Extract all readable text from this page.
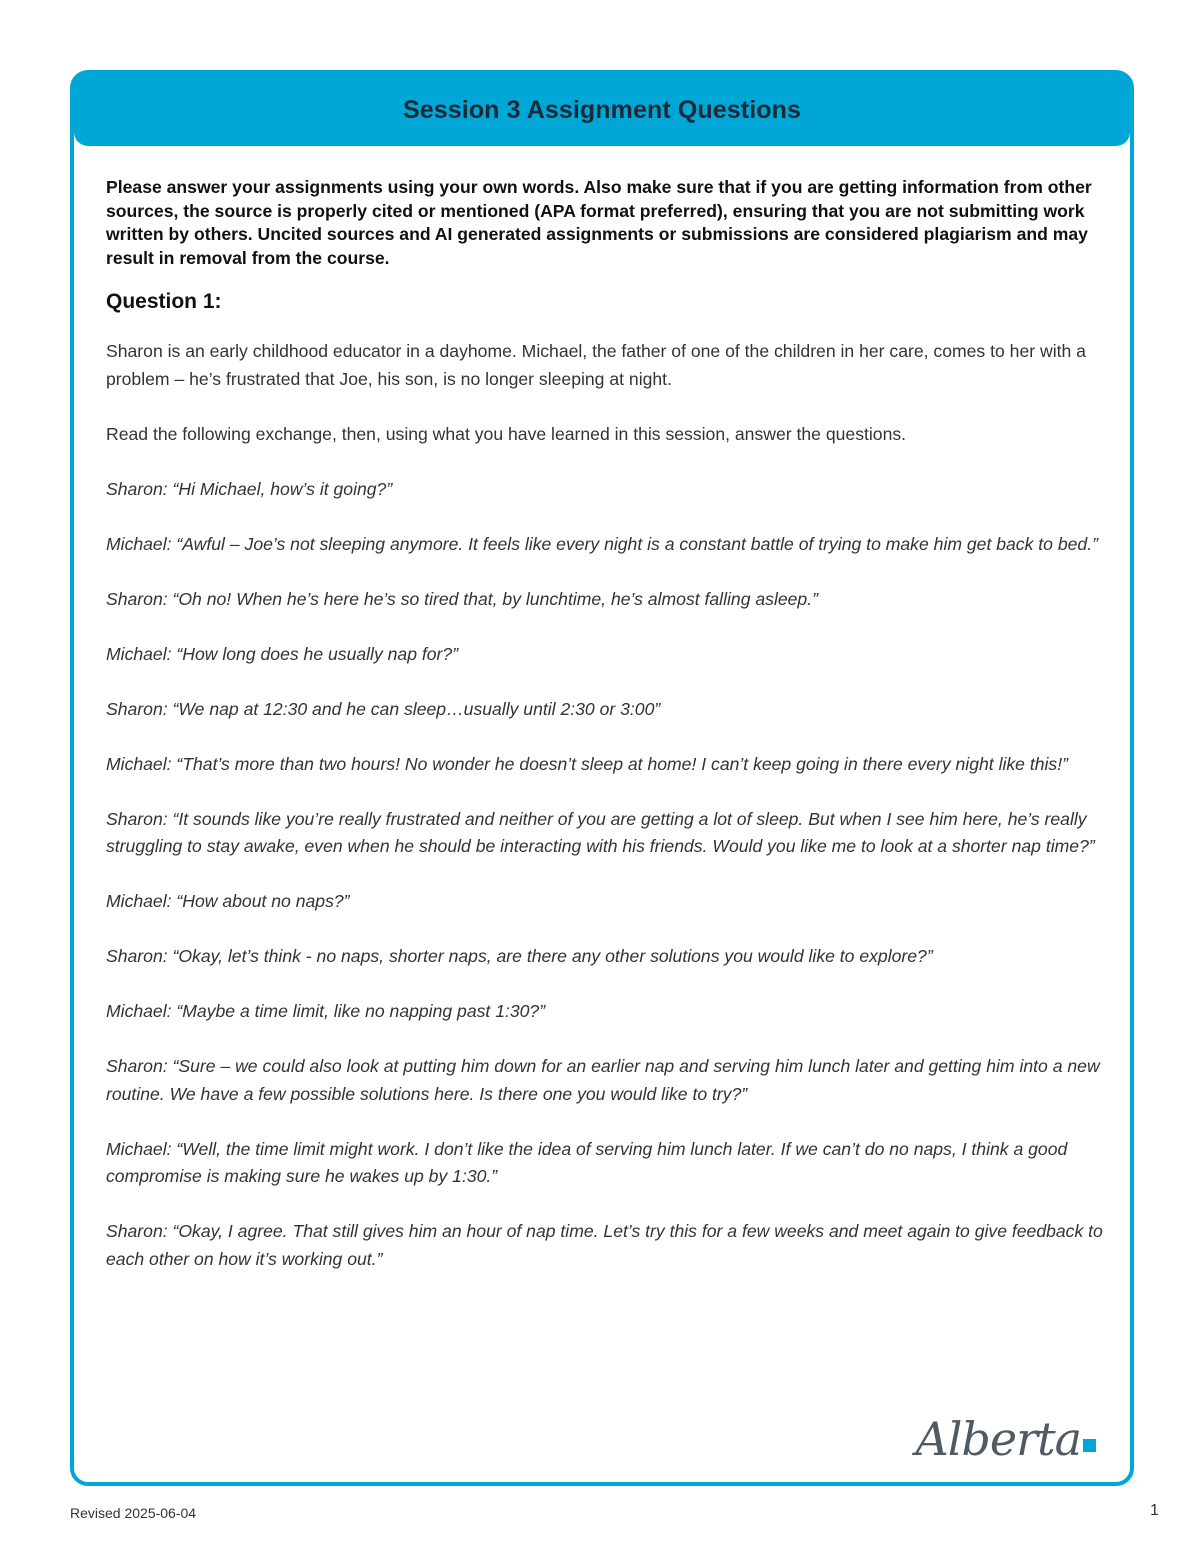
Session 3 Assignment Questions

Please answer your assignments using your own words. Also make sure that if you are getting information from other sources, the source is properly cited or mentioned (APA format preferred), ensuring that you are not submitting work written by others. Uncited sources and AI generated assignments or submissions are considered plagiarism and may result in removal from the course.

Question 1:

Sharon is an early childhood educator in a dayhome. Michael, the father of one of the children in her care, comes to her with a problem – he’s frustrated that Joe, his son, is no longer sleeping at night.

Read the following exchange, then, using what you have learned in this session, answer the questions.

Sharon: “Hi Michael, how’s it going?”

Michael: “Awful – Joe’s not sleeping anymore. It feels like every night is a constant battle of trying to make him get back to bed.”

Sharon: “Oh no! When he’s here he’s so tired that, by lunchtime, he’s almost falling asleep.”

Michael: “How long does he usually nap for?”

Sharon: “We nap at 12:30 and he can sleep…usually until 2:30 or 3:00”

Michael: “That’s more than two hours! No wonder he doesn’t sleep at home! I can’t keep going in there every night like this!”

Sharon: “It sounds like you’re really frustrated and neither of you are getting a lot of sleep. But when I see him here, he’s really struggling to stay awake, even when he should be interacting with his friends. Would you like me to look at a shorter nap time?”

Michael: “How about no naps?”

Sharon: “Okay, let’s think - no naps, shorter naps, are there any other solutions you would like to explore?”

Michael: “Maybe a time limit, like no napping past 1:30?”

Sharon: “Sure – we could also look at putting him down for an earlier nap and serving him lunch later and getting him into a new routine. We have a few possible solutions here. Is there one you would like to try?”

Michael: “Well, the time limit might work. I don’t like the idea of serving him lunch later. If we can’t do no naps, I think a good compromise is making sure he wakes up by 1:30.”

Sharon: “Okay, I agree. That still gives him an hour of nap time. Let’s try this for a few weeks and meet again to give feedback to each other on how it’s working out.”

Alberta
Revised 2025-06-04	1
